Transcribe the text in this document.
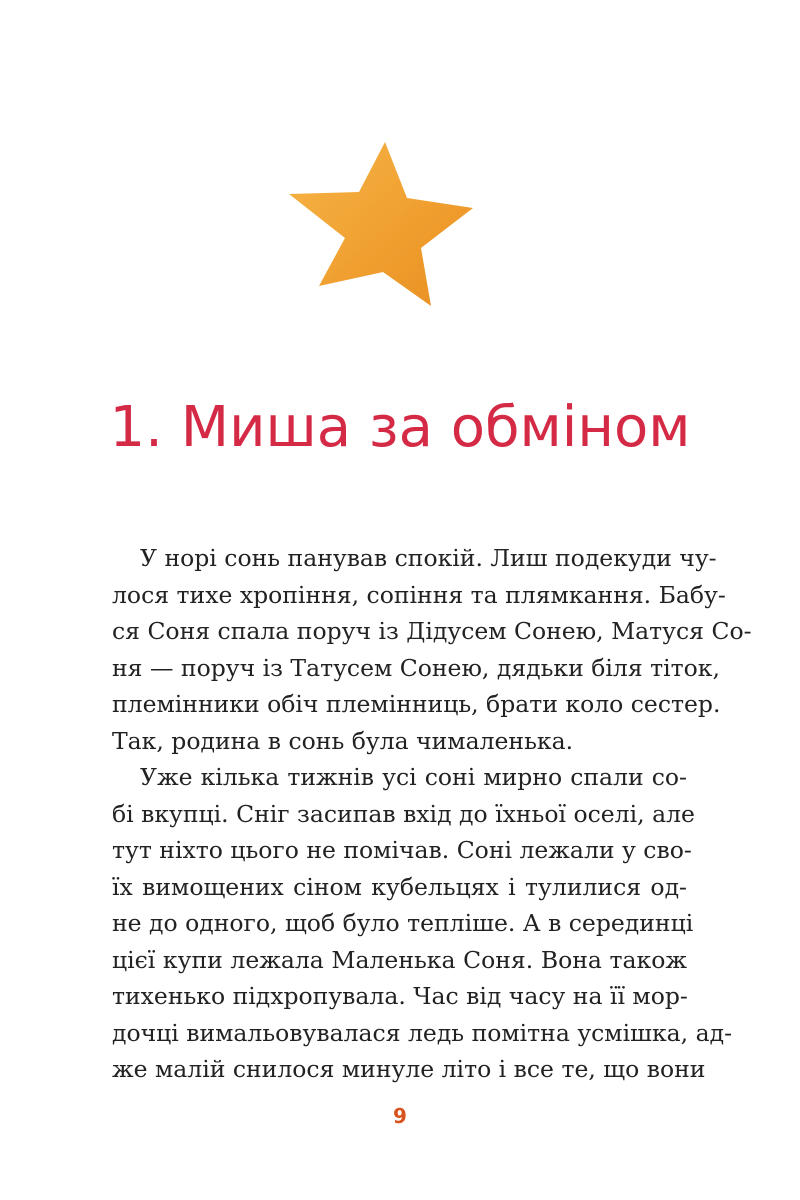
1. Миша за обміном
У норі сонь панував спокій. Лиш подекуди чу-
лося тихе хропіння, сопіння та плямкання. Бабу-
ся Соня спала поруч із Дідусем Сонею, Матуся Со-
ня — поруч із Татусем Сонею, дядьки біля тіток,
племінники обіч племінниць, брати коло сестер.
Так, родина в сонь була чималенька.
Уже кілька тижнів усі соні мирно спали со-
бі вкупці. Сніг засипав вхід до їхньої оселі, але
тут ніхто цього не помічав. Соні лежали у сво-
їх вимощених сіном кубельцях і тулилися од-
не до одного, щоб було тепліше. А в серединці
цієї купи лежала Маленька Соня. Вона також
тихенько підхропувала. Час від часу на її мор-
дочці вимальовувалася ледь помітна усмішка, ад-
же малій снилося минуле літо і все те, що вони
9
